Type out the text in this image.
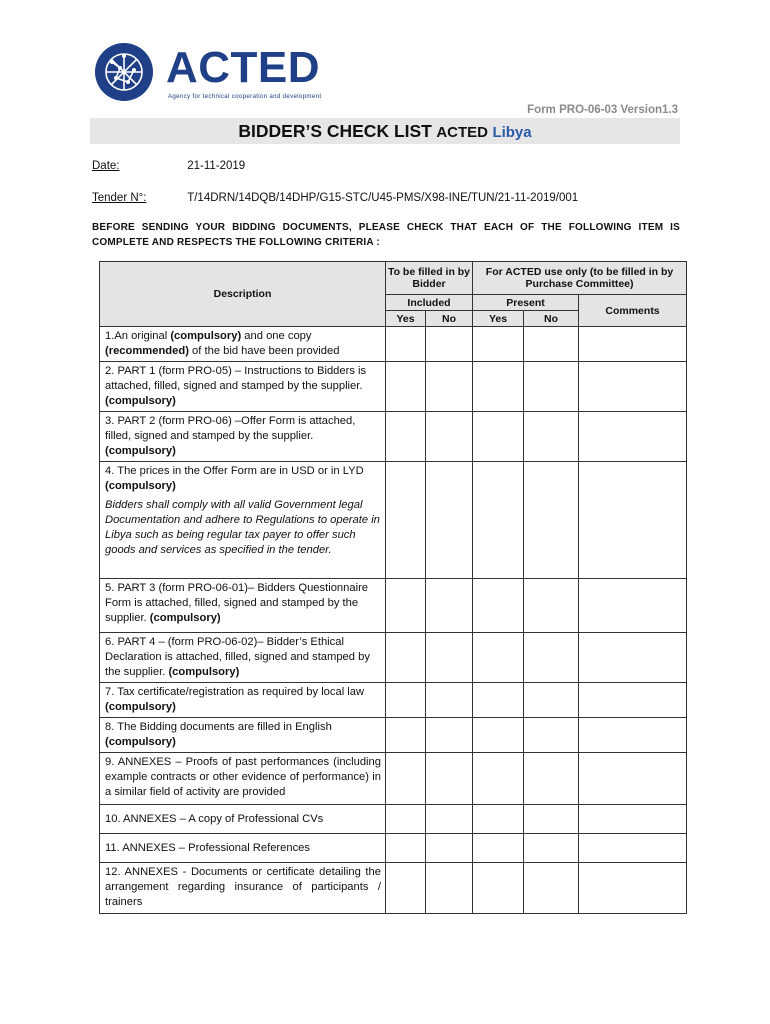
ACTED
Agency for technical cooperation and development
Form PRO-06-03 Version1.3
BIDDER’S CHECK LIST ACTED Libya
Date:	21-11-2019
Tender N°:	T/14DRN/14DQB/14DHP/G15-STC/U45-PMS/X98-INE/TUN/21-11-2019/001
BEFORE SENDING YOUR BIDDING DOCUMENTS, PLEASE CHECK THAT EACH OF THE FOLLOWING ITEM IS COMPLETE AND RESPECTS THE FOLLOWING CRITERIA :
Description	To be filled in by Bidder		For ACTED use only (to be filled in by Purchase Committee)		
	Included		Present		Comments
	Yes	No	Yes	No	
1.An original (compulsory) and one copy (recommended) of the bid have been provided					
2. PART 1 (form PRO-05) – Instructions to Bidders is attached, filled, signed and stamped by the supplier. (compulsory)					
3. PART 2 (form PRO-06) –Offer Form is attached, filled, signed and stamped by the supplier. (compulsory)					

4. The prices in the Offer Form are in USD or in LYD (compulsory)

Bidders shall comply with all valid Government legal Documentation and adhere to Regulations to operate in Libya such as being regular tax payer to offer such goods and services as specified in the tender.					

5. PART 3 (form PRO-06-01)– Bidders Questionnaire Form is attached, filled, signed and stamped by the supplier. (compulsory)					
6. PART 4 – (form PRO-06-02)– Bidder’s Ethical Declaration is attached, filled, signed and stamped by the supplier. (compulsory)					
7. Tax certificate/registration as required by local law (compulsory)					
8. The Bidding documents are filled in English (compulsory)					
9. ANNEXES – Proofs of past performances (including example contracts or other evidence of performance) in a similar field of activity are provided					
10. ANNEXES – A copy of Professional CVs					
11. ANNEXES – Professional References					
12. ANNEXES - Documents or certificate detailing the arrangement regarding insurance of participants / trainers					
